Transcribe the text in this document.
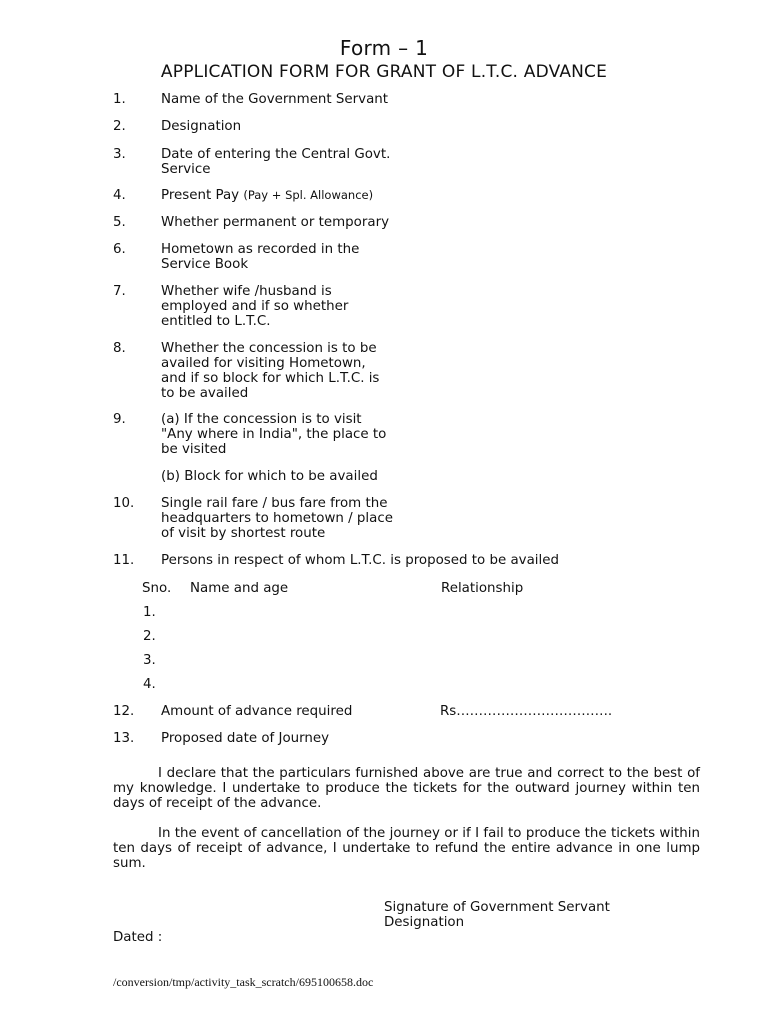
Form – 1
APPLICATION FORM FOR GRANT OF L.T.C. ADVANCE
1.	Name of the Government Servant
2.	Designation
3.	Date of entering the Central Govt.
Service
4.	Present Pay (Pay + Spl. Allowance)
5.	Whether permanent or temporary
6.	Hometown as recorded in the
Service Book
7.	Whether wife /husband is
employed and if so whether
entitled to L.T.C.
8.	Whether the concession is to be
availed for visiting Hometown,
and if so block for which L.T.C. is
to be availed
9.	(a) If the concession is to visit
"Any where in India", the place to
be visited
(b) Block for which to be availed
10. Single rail fare / bus fare from the
headquarters to hometown / place
of visit by shortest route
11. Persons in respect of whom L.T.C. is proposed to be availed
12. Amount of advance required	Rs……………………………..
13. Proposed date of Journey
Sno. Name and age	Relationship
1.
2.
3.
4.
I declare that the particulars furnished above are true and correct to the best of my knowledge. I undertake to produce the tickets for the outward journey within ten days of receipt of the advance.
In the event of cancellation of the journey or if I fail to produce the tickets within ten days of receipt of advance, I undertake to refund the entire advance in one lump sum.
Signature of Government Servant
Designation
Dated :
/conversion/tmp/activity_task_scratch/695100658.doc
